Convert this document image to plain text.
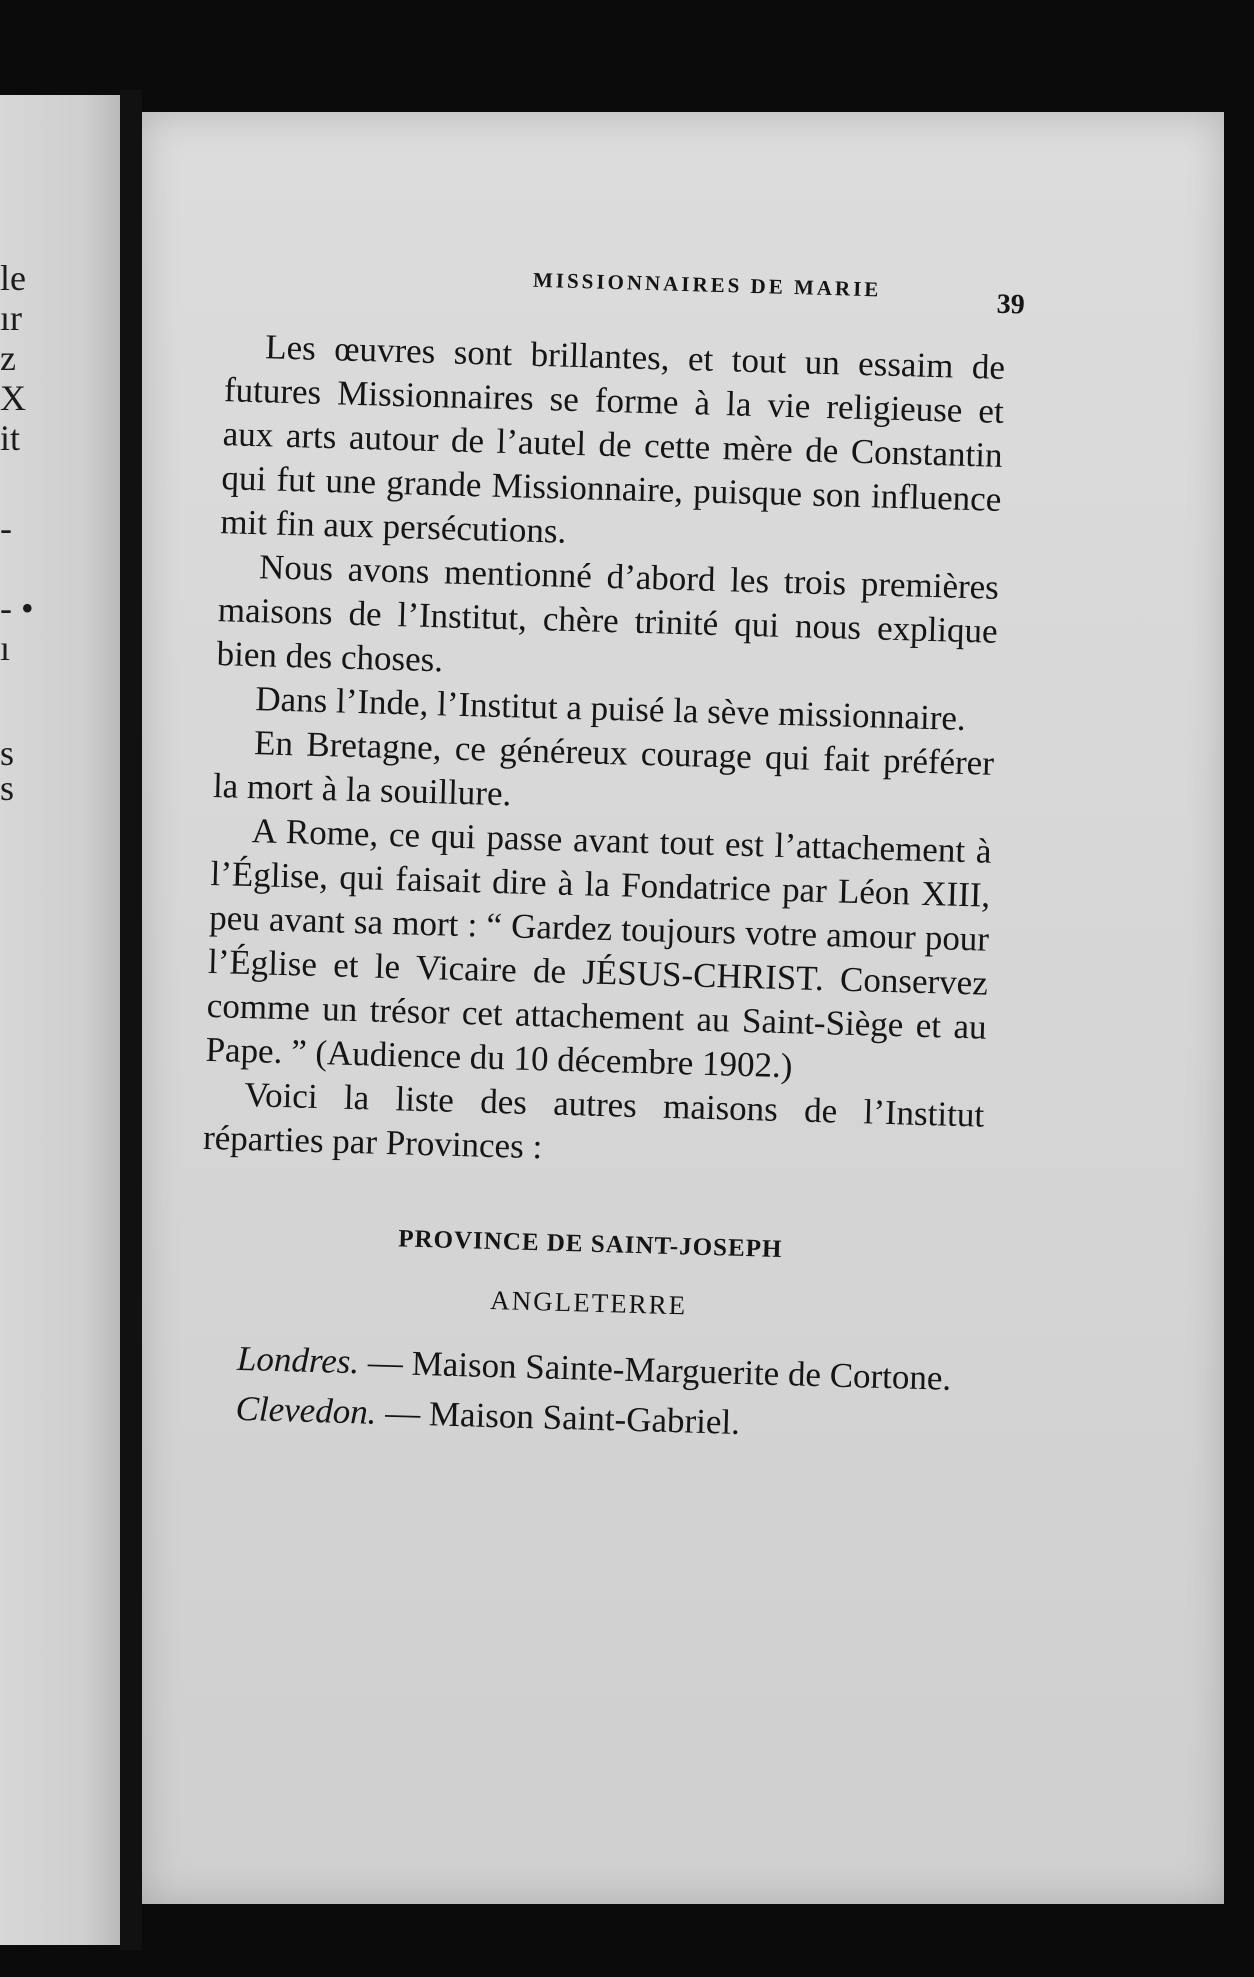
le
ır
z
X
it
-
- •
ı
s
s
MISSIONNAIRES DE MARIE
39

Les œuvres sont brillantes, et tout un essaim de futures Missionnaires se forme à la vie religieuse et aux arts autour de l’autel de cette mère de Constantin qui fut une grande Missionnaire, puisque son influence mit fin aux persécutions.

Nous avons mentionné d’abord les trois premières maisons de l’Institut, chère trinité qui nous explique bien des choses.

Dans l’Inde, l’Institut a puisé la sève missionnaire.

En Bretagne, ce généreux courage qui fait préférer la mort à la souillure.

A Rome, ce qui passe avant tout est l’attachement à l’Église, qui faisait dire à la Fondatrice par Léon XIII, peu avant sa mort : “ Gardez toujours votre amour pour l’Église et le Vicaire de JÉSUS-CHRIST. Conservez comme un trésor cet attachement au Saint-Siège et au Pape. ” (Audience du 10 décembre 1902.)

Voici la liste des autres maisons de l’Institut réparties par Provinces :

PROVINCE DE SAINT-JOSEPH

ANGLETERRE

Londres. — Maison Sainte-Marguerite de Cortone.

Clevedon. — Maison Saint-Gabriel.
